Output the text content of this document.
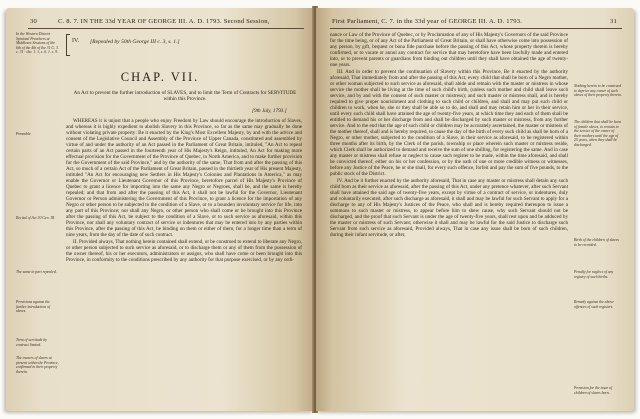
30	C. 8. 7. IN THE 33d YEAR OF GEORGE III. A. D. 1793. Second Session,
In the Western District Spiritual Preachers at Middlesex Sessions of the 6th of the 4th of the 31 G. 3. c. 31 - tho. 1. 1, s. 6. 1. s. 9.
IV. [Repealed by 50th George III c. 3, s. 1.]
CHAP. VII.
An Act to prevent the further introduction of SLAVES, and to limit the Term of Contracts for SERVITUDE within this Province.
[9th July, 1793.]
Preamble.
Recital of Act 30 Geo. III.
The same in part repealed.
Provisions against the further introduction of slaves.
Term of servitude by contract limited.
The owners of slaves at present within the Province, confirmed in their property therein.

WHEREAS it is unjust that a people who enjoy Freedom by Law should encourage the introduction of Slaves, and whereas it is highly expedient to abolish Slavery in this Province, so far as the same may gradually be done without violating private property: Be it enacted by the King's Most Excellent Majesty, by and with the advice and consent of the Legislative Council and Assembly of the Province of Upper Canada, constituted and assembled by virtue of and under the authority of an Act passed in the Parliament of Great Britain, intituled, "An Act to repeal certain parts of an Act passed in the fourteenth year of His Majesty's Reign, intituled, An Act for making more effectual provision for the Government of the Province of Quebec, in North America, and to make further provision for the Government of the said Province," and by the authority of the same, That from and after the passing of this Act, so much of a certain Act of the Parliament of Great Britain, passed in the thirtieth year of His present Majesty, intituled "An Act for encouraging new Settlers in His Majesty's Colonies and Plantations in America," as may enable the Governor or Lieutenant Governor of this Province, heretofore parcel of His Majesty's Province of Quebec to grant a licence for importing into the same any Negro or Negroes, shall be, and the same is hereby repealed; and that from and after the passing of this Act, it shall not be lawful for the Governor, Lieutenant Governor or Person administering the Government of this Province, to grant a licence for the importation of any Negro or other person to be subjected to the condition of a Slave, or to a bounden involuntary service for life, into any part of this Province; nor shall any Negro, or other person who shall come or be brought into this Province after the passing of this Act, be subject to the condition of a Slave, or to such service as aforesaid, within this Province, nor shall any voluntary contract of service or indentures that may be entered into by any parties within this Province, after the passing of this Act, be binding on them or either of them, for a longer time than a term of nine years, from the day of the date of such contract.

II. Provided always, That nothing herein contained shall extend, or be construed to extend to liberate any Negro, or other person subjected to such service as aforesaid, or to discharge them or any of them from the possession of the owner thereof, his or her executors, administrators or assigns, who shall have come or been brought into this Province, in conformity to the conditions prescribed by any authority for that purpose exercised, or by any ordi-

First Parliament, C. 7. in the 33d year of GEORGE III. A. D. 1793.	31

nance or Law of the Province of Quebec, or by Proclamation of any of His Majesty's Governors of the said Province for the time being, or of any Act of the Parliament of Great Britain, or shall have otherwise come into possession of any person, by gift, bequest or bona fide purchase before the passing of this Act, whose property therein is hereby confirmed, or to vacate or annul any contract for service that may heretofore have been lawfully made and entered into, or to prevent parents or guardians from binding out children until they shall have obtained the age of twenty-one years.

III. And in order to prevent the continuation of Slavery within this Province, Be it enacted by the authority aforesaid, That immediately from and after the passing of this Act, every child that shall be born of a Negro mother, or other woman subjected to such service as aforesaid, shall abide and remain with the master or mistress in whose service the mother shall be living at the time of such child's birth, (unless such mother and child shall leave such service, and by and with the consent of such master or mistress); and such master or mistress shall, and is hereby required to give proper nourishment and clothing to such child or children, and shall and may put such child or children to work, when he, she or they shall be able so to do, and shall and may retain him or her in their service, until every such child shall have attained the age of twenty-five years, at which time they and each of them shall be entitled to demand his or her discharge from and shall be discharged by such master or mistress, from any further service. And to the end that the age of such child or children may be accurately ascertained, the master or mistress of the mother thereof, shall and is hereby required, to cause the day of the birth of every such child as shall be born of a Negro, or other mother, subjected to the condition of a Slave, in their service as aforesaid, to be registered within three months after its birth, by the Clerk of the parish, township or place wherein such master or mistress reside, which Clerk shall be authorized to demand and receive the sum of one shilling, for registering the same. And in case any master or mistress shall refuse or neglect to cause such register to be made, within the time aforesaid, and shall be convicted thereof, either on his or her confession, or by the oath of one or more credible witness or witnesses, before any Justice of the Peace, he or she shall, for every such offence, forfeit and pay the sum of five pounds, to the public stock of the District.

IV. And be it further enacted by the authority aforesaid, That in case any master or mistress shall detain any such child born as their service as aforesaid, after the passing of this Act, under any pretence whatever, after such Servant shall have attained the said age of twenty-five years, except by virtue of a contract of service, or indentures, duly and voluntarily executed, after such discharge as aforesaid, it shall and may be lawful for such Servant to apply for a discharge to any of His Majesty's Justices of the Peace, who shall and is hereby required thereupon to issue a summons to such master or mistress, to appear before him to shew cause, why such Servant should not be discharged, and the proof that such Servant is under the age of twenty-five years, shall rest upon and be adduced by the master or mistress of such Servant; otherwise it shall and may be lawful for the said Justice to discharge such Servant from such service as aforesaid, Provided always, That in case any issue shall be born of such children, during their infant servitude, or after,

Nothing herein to be construed to deprive any owner of such slaves of their property therein.
The children that shall be born of female slaves, to remain in the service of the owner of their mothers until the age of 25 years, when they shall be discharged.
Birth of the children of slaves to be recorded.
Penalty for neglect of any registry of such births.
Remedy against the above offences of such registers.
Provision for the issue of children of slaves born.
